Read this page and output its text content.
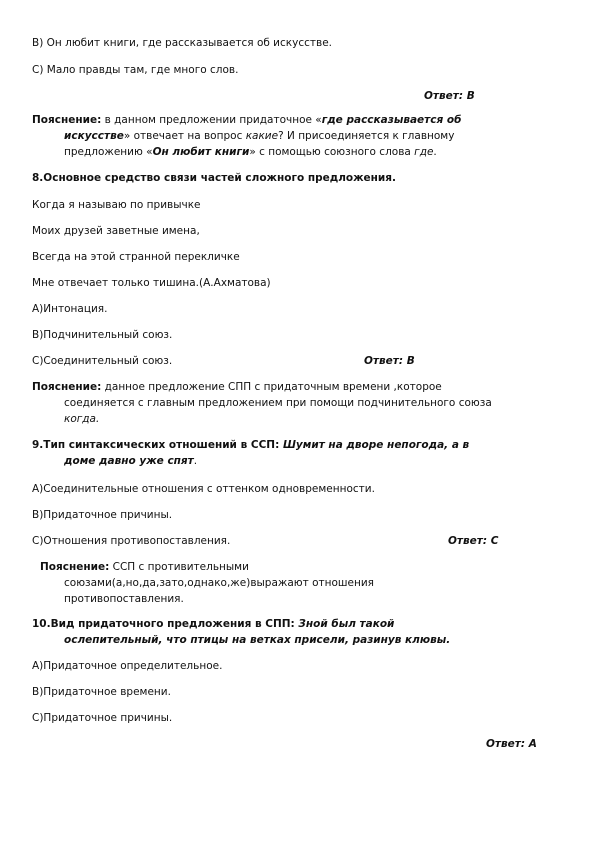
B) Он любит книги, где рассказывается об искусстве.
C) Мало правды там, где много слов.
Ответ: В
Пояснение: в данном предложении придаточное «где рассказывается об
искусстве» отвечает на вопрос какие? И присоединяется к главному
предложению «Он любит книги» с помощью союзного слова где.
8.Основное средство связи частей сложного предложения.
Когда я называю по привычке
Моих друзей заветные имена,
Всегда на этой странной перекличке
Мне отвечает только тишина.(А.Ахматова)
А)Интонация.
В)Подчинительный союз.
С)Соединительный союз.	Ответ: В
Пояснение: данное предложение СПП с придаточным времени ,которое
соединяется с главным предложением при помощи подчинительного союза
когда.
9.Тип синтаксических отношений в ССП: Шумит на дворе непогода, а в
доме давно уже спят.
А)Соединительные отношения с оттенком одновременности.
В)Придаточное причины.
С)Отношения противопоставления.	Ответ: С
Пояснение: ССП с противительными
союзами(а,но,да,зато,однако,же)выражают отношения
противопоставления.
10.Вид придаточного предложения в СПП: Зной был такой
ослепительный, что птицы на ветках присели, разинув клювы.
А)Придаточное определительное.
В)Придаточное времени.
С)Придаточное причины.
Ответ: А
